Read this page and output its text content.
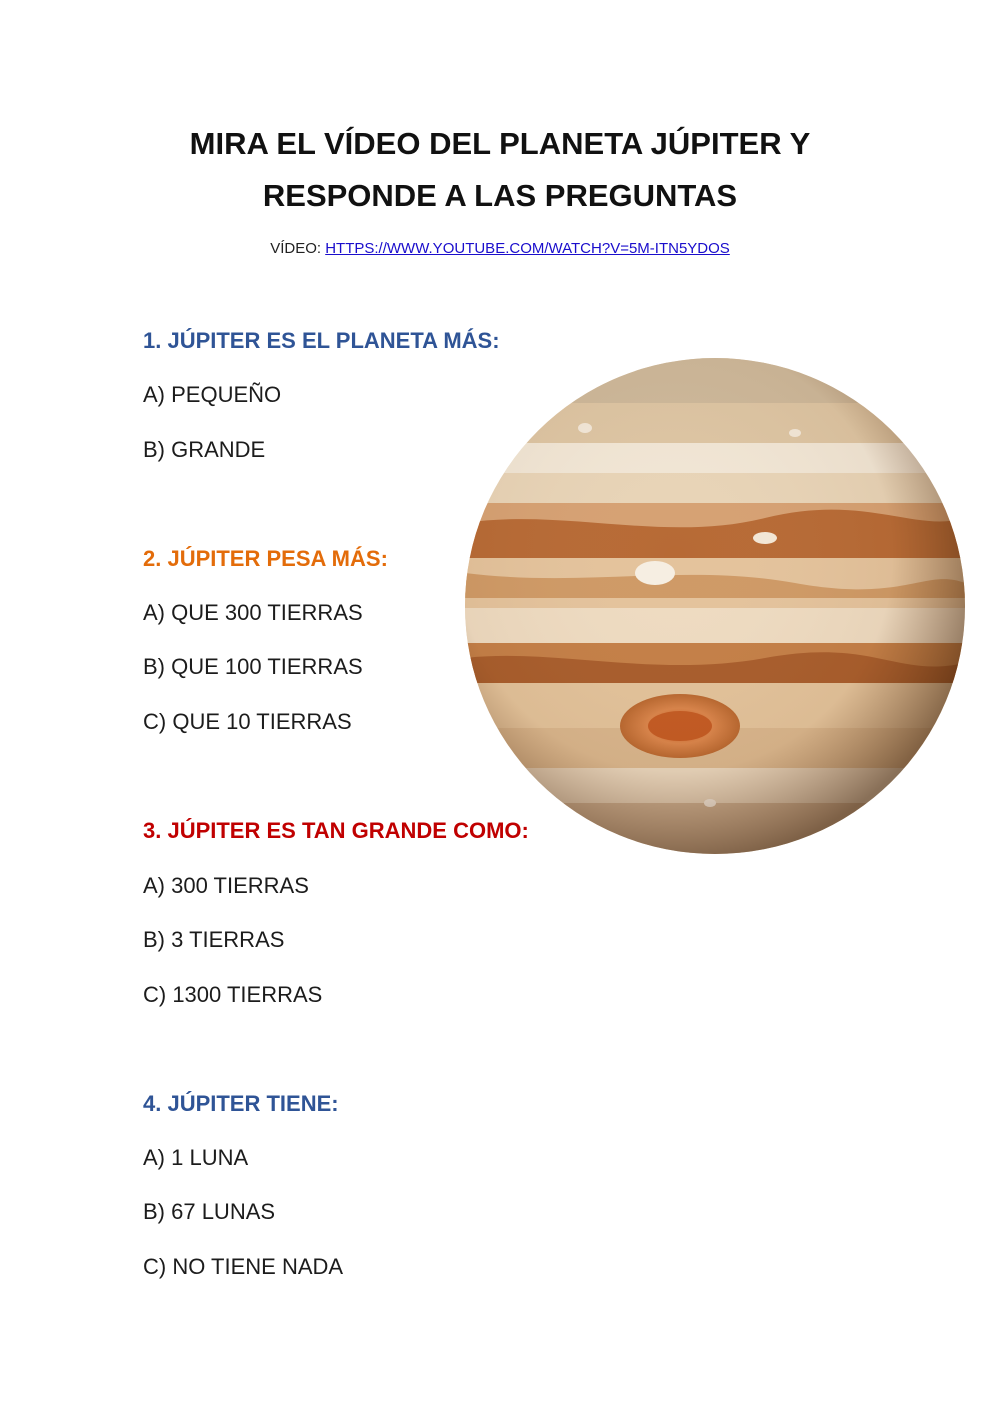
MIRA EL VÍDEO DEL PLANETA JÚPITER Y
RESPONDE A LAS PREGUNTAS
VÍDEO: HTTPS://WWW.YOUTUBE.COM/WATCH?V=5M-ITN5YDOS
1. JÚPITER ES EL PLANETA MÁS:
A) PEQUEÑO
B) GRANDE
2. JÚPITER PESA MÁS:
A) QUE 300 TIERRAS
B) QUE 100 TIERRAS
C) QUE 10 TIERRAS
3. JÚPITER ES TAN GRANDE COMO:
A) 300 TIERRAS
B) 3 TIERRAS
C) 1300 TIERRAS
4. JÚPITER TIENE:
A) 1 LUNA
B) 67 LUNAS
C) NO TIENE NADA
